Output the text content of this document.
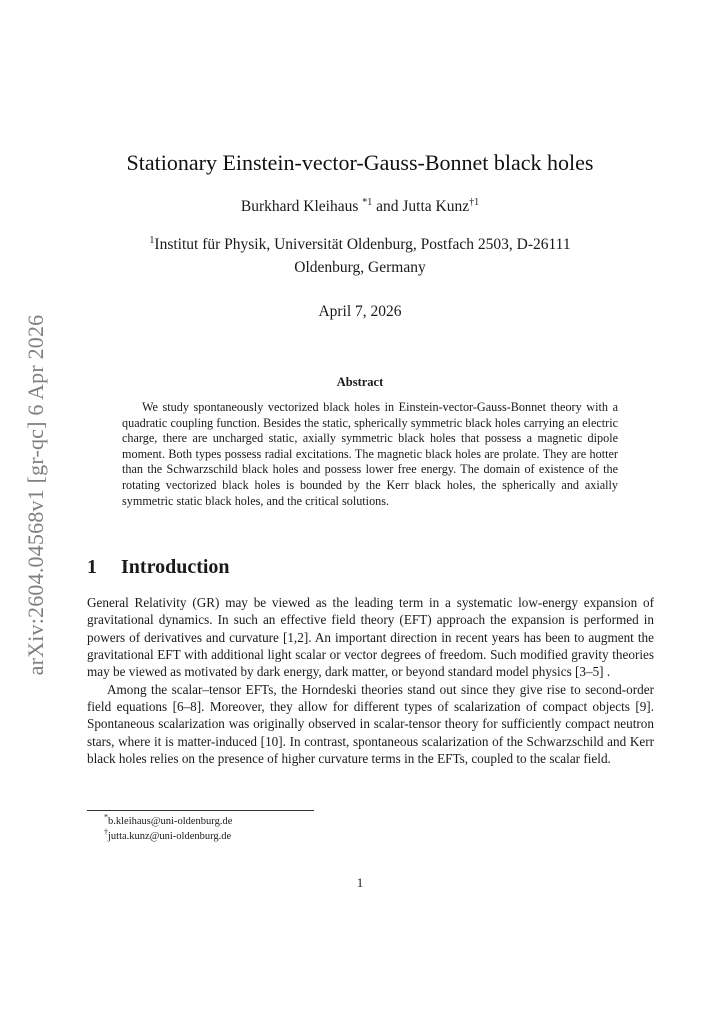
arXiv:2604.04568v1 [gr-qc] 6 Apr 2026
Stationary Einstein-vector-Gauss-Bonnet black holes
Burkhard Kleihaus $^{*1}$ and Jutta Kunz$^{\dagger 1}$
$^1$Institut für Physik, Universität Oldenburg, Postfach 2503, D-26111
Oldenburg, Germany
April 7, 2026
Abstract

We study spontaneously vectorized black holes in Einstein-vector-Gauss-Bonnet theory with a quadratic coupling function. Besides the static, spherically symmetric black holes carrying an electric charge, there are uncharged static, axially symmetric black holes that possess a magnetic dipole moment. Both types possess radial excitations. The magnetic black holes are prolate. They are hotter than the Schwarzschild black holes and possess lower free energy. The domain of existence of the rotating vectorized black holes is bounded by the Kerr black holes, the spherically and axially symmetric static black holes, and the critical solutions.

1 Introduction

General Relativity (GR) may be viewed as the leading term in a systematic low-energy expansion of gravitational dynamics. In such an effective field theory (EFT) approach the expansion is performed in powers of derivatives and curvature [1,2]. An important direction in recent years has been to augment the gravitational EFT with additional light scalar or vector degrees of freedom. Such modified gravity theories may be viewed as motivated by dark energy, dark matter, or beyond standard model physics [3–5] .

Among the scalar–tensor EFTs, the Horndeski theories stand out since they give rise to second-order field equations [6–8]. Moreover, they allow for different types of scalarization of compact objects [9]. Spontaneous scalarization was originally observed in scalar-tensor theory for sufficiently compact neutron stars, where it is matter-induced [10]. In contrast, spontaneous scalarization of the Schwarzschild and Kerr black holes relies on the presence of higher curvature terms in the EFTs, coupled to the scalar field.

*b.kleihaus@uni-oldenburg.de
†jutta.kunz@uni-oldenburg.de
1
